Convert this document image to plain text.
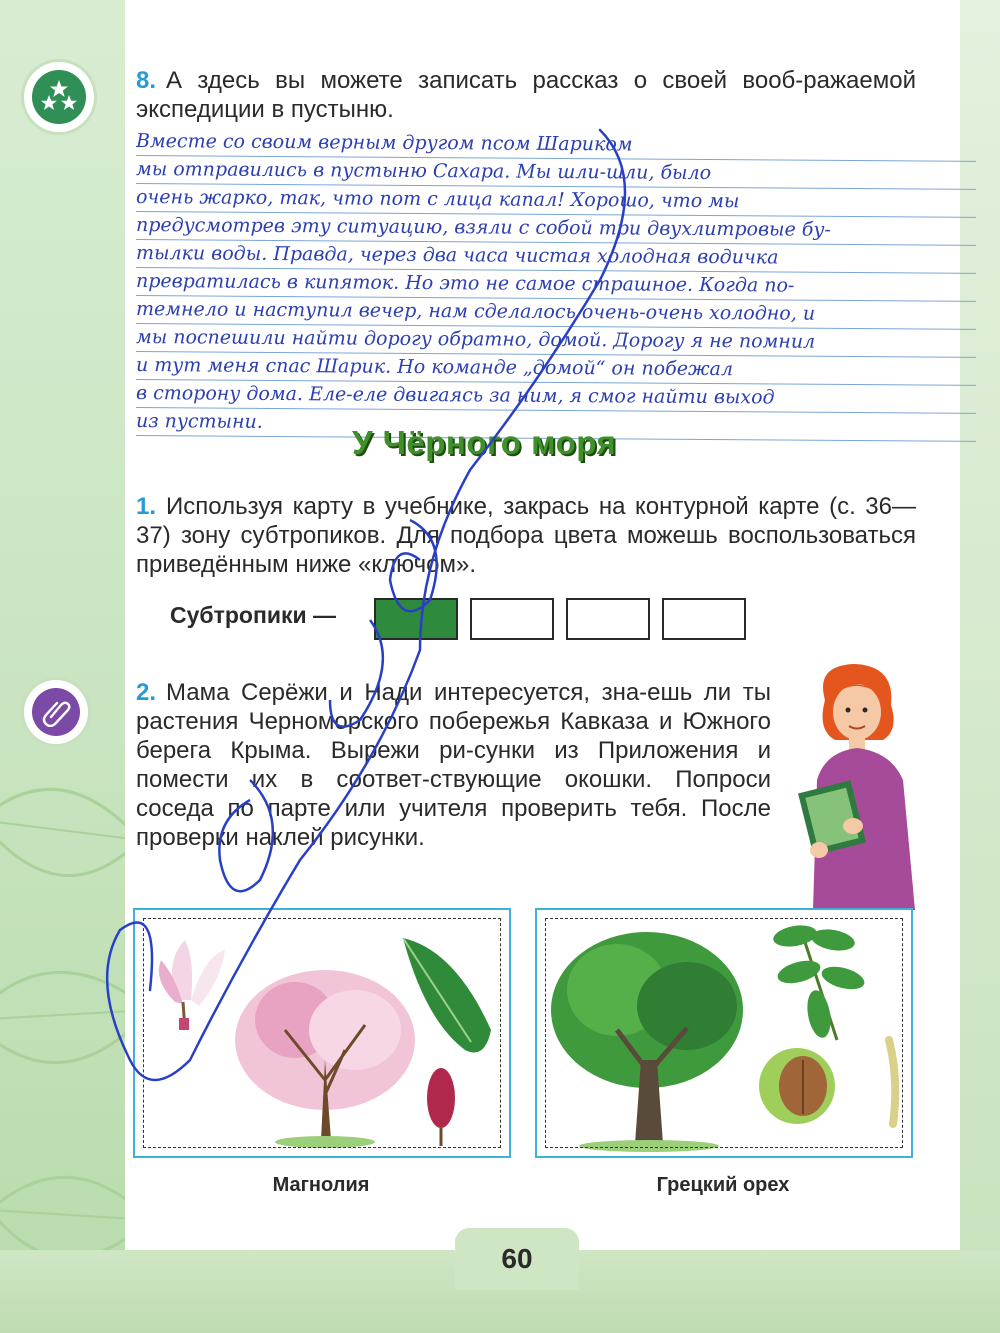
8. А здесь вы можете записать рассказ о своей вооб-ражаемой экспедиции в пустыню.

Вместе со своим верным другом псом Шариком
мы отправились в пустыню Сахара. Мы шли-шли, было
очень жарко, так, что пот с лица капал! Хорошо, что мы
предусмотрев эту ситуацию, взяли с собой три двухлитровые бу-
тылки воды. Правда, через два часа чистая холодная водичка
превратилась в кипяток. Но это не самое страшное. Когда по-
темнело и наступил вечер, нам сделалось очень-очень холодно, и
мы поспешили найти дорогу обратно, домой. Дорогу я не помнил
и тут меня спас Шарик. Но команде „домой“ он побежал
в сторону дома. Еле-еле двигаясь за ним, я смог найти выход
из пустыни.
У Чёрного моря

1. Используя карту в учебнике, закрась на контурной карте (с. 36—37) зону субтропиков. Для подбора цвета можешь воспользоваться приведённым ниже «ключом».

Субтропики —

2. Мама Серёжи и Нади интересуется, зна-ешь ли ты растения Черноморского побережья Кавказа и Южного берега Крыма. Вырежи ри-сунки из Приложения и помести их в соответ-ствующие окошки. Попроси соседа по парте или учителя проверить тебя. После проверки наклей рисунки.

Магнолия	Грецкий орех
60
